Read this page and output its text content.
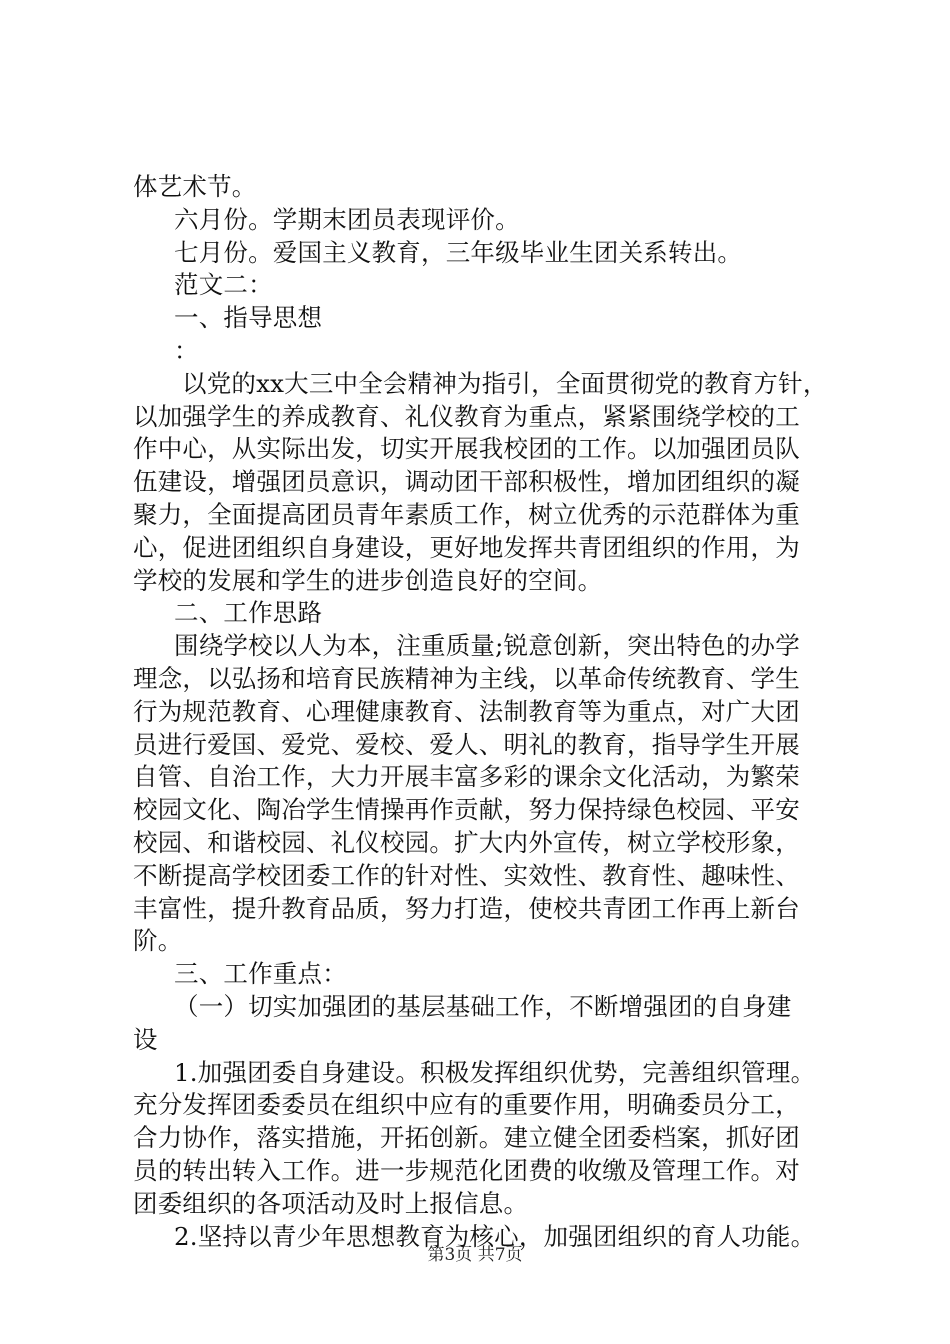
体艺术节。
六月份。学期末团员表现评价。
七月份。爱国主义教育，三年级毕业生团关系转出。
范文二：
一、指导思想
：
以党的xx大三中全会精神为指引，全面贯彻党的教育方针，
以加强学生的养成教育、礼仪教育为重点，紧紧围绕学校的工
作中心，从实际出发，切实开展我校团的工作。以加强团员队
伍建设，增强团员意识，调动团干部积极性，增加团组织的凝
聚力，全面提高团员青年素质工作，树立优秀的示范群体为重
心，促进团组织自身建设，更好地发挥共青团组织的作用，为
学校的发展和学生的进步创造良好的空间。
二、工作思路
围绕学校以人为本，注重质量;锐意创新，突出特色的办学
理念，以弘扬和培育民族精神为主线，以革命传统教育、学生
行为规范教育、心理健康教育、法制教育等为重点，对广大团
员进行爱国、爱党、爱校、爱人、明礼的教育，指导学生开展
自管、自治工作，大力开展丰富多彩的课余文化活动，为繁荣
校园文化、陶冶学生情操再作贡献，努力保持绿色校园、平安
校园、和谐校园、礼仪校园。扩大内外宣传，树立学校形象，
不断提高学校团委工作的针对性、实效性、教育性、趣味性、
丰富性，提升教育品质，努力打造，使校共青团工作再上新台
阶。
三、工作重点：
（一）切实加强团的基层基础工作，不断增强团的自身建
设
1.加强团委自身建设。积极发挥组织优势，完善组织管理。
充分发挥团委委员在组织中应有的重要作用，明确委员分工，
合力协作，落实措施，开拓创新。建立健全团委档案，抓好团
员的转出转入工作。进一步规范化团费的收缴及管理工作。对
团委组织的各项活动及时上报信息。
2.坚持以青少年思想教育为核心，加强团组织的育人功能。
第3页 共7页
